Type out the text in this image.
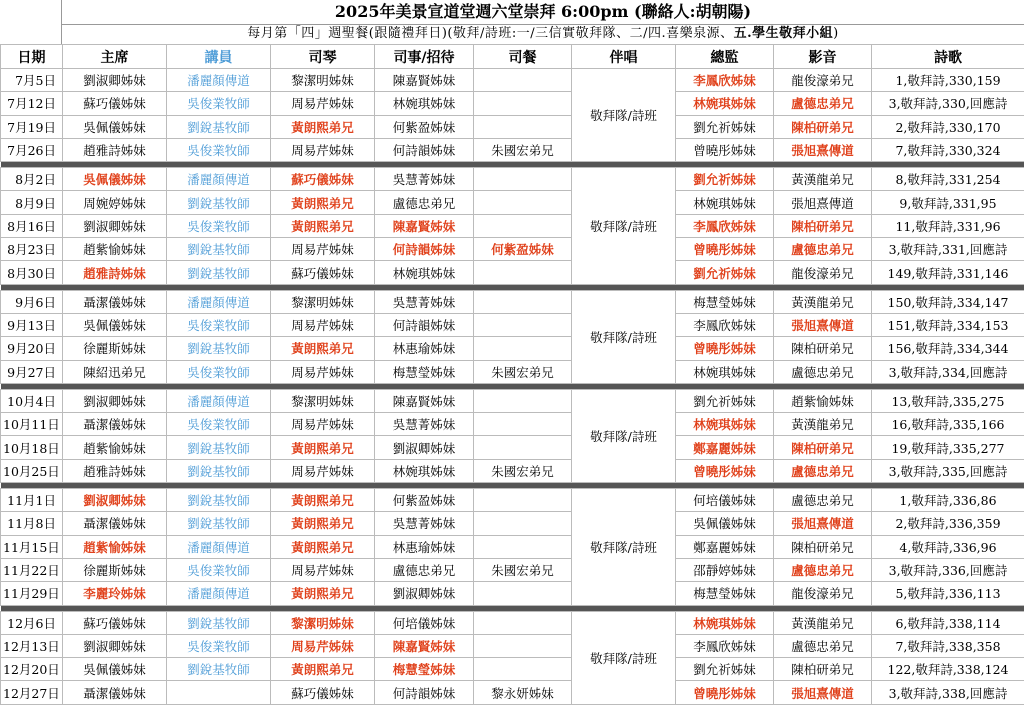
2025年美景宣道堂週六堂崇拜 6:00pm (聯絡人:胡朝陽)
每月第「四」週聖餐(跟隨禮拜日)(敬拜/詩班:一/三信實敬拜隊、二/四.喜樂泉源、五.學生敬拜小組)
日期	主席	講員	司琴	司事/招待	司餐	伴唱	總監	影音	詩歌
7月5日	劉淑卿姊妹	潘麗顏傳道	黎潔明姊妹	陳嘉賢姊妹		敬拜隊/詩班	李鳳欣姊妹	龍俊濠弟兄	1,敬拜詩,330,159
7月12日	蘇巧儀姊妹	吳俊業牧師	周易芹姊妹	林婉琪姊妹			林婉琪姊妹	盧德忠弟兄	3,敬拜詩,330,回應詩
7月19日	吳佩儀姊妹	劉銳基牧師	黃朗熙弟兄	何紫盈姊妹			劉允祈姊妹	陳柏研弟兄	2,敬拜詩,330,170
7月26日	趙雅詩姊妹	吳俊業牧師	周易芹姊妹	何詩韻姊妹	朱國宏弟兄		曾曉彤姊妹	張旭熹傳道	7,敬拜詩,330,324

8月2日	吳佩儀姊妹	潘麗顏傳道	蘇巧儀姊妹	吳慧菁姊妹		敬拜隊/詩班	劉允祈姊妹	黃漢龍弟兄	8,敬拜詩,331,254
8月9日	周婉婷姊妹	劉銳基牧師	黃朗熙弟兄	盧德忠弟兄			林婉琪姊妹	張旭熹傳道	9,敬拜詩,331,95
8月16日	劉淑卿姊妹	吳俊業牧師	黃朗熙弟兄	陳嘉賢姊妹			李鳳欣姊妹	陳柏研弟兄	11,敬拜詩,331,96
8月23日	趙紫愉姊妹	劉銳基牧師	周易芹姊妹	何詩韻姊妹	何紫盈姊妹		曾曉彤姊妹	盧德忠弟兄	3,敬拜詩,331,回應詩
8月30日	趙雅詩姊妹	劉銳基牧師	蘇巧儀姊妹	林婉琪姊妹			劉允祈姊妹	龍俊濠弟兄	149,敬拜詩,331,146

9月6日	聶潔儀姊妹	潘麗顏傳道	黎潔明姊妹	吳慧菁姊妹		敬拜隊/詩班	梅慧瑩姊妹	黃漢龍弟兄	150,敬拜詩,334,147
9月13日	吳佩儀姊妹	吳俊業牧師	周易芹姊妹	何詩韻姊妹			李鳳欣姊妹	張旭熹傳道	151,敬拜詩,334,153
9月20日	徐麗斯姊妹	劉銳基牧師	黃朗熙弟兄	林惠瑜姊妹			曾曉彤姊妹	陳柏研弟兄	156,敬拜詩,334,344
9月27日	陳紹迅弟兄	吳俊業牧師	周易芹姊妹	梅慧瑩姊妹	朱國宏弟兄		林婉琪姊妹	盧德忠弟兄	3,敬拜詩,334,回應詩

10月4日	劉淑卿姊妹	潘麗顏傳道	黎潔明姊妹	陳嘉賢姊妹		敬拜隊/詩班	劉允祈姊妹	趙紫愉姊妹	13,敬拜詩,335,275
10月11日	聶潔儀姊妹	吳俊業牧師	周易芹姊妹	吳慧菁姊妹			林婉琪姊妹	黃漢龍弟兄	16,敬拜詩,335,166
10月18日	趙紫愉姊妹	劉銳基牧師	黃朗熙弟兄	劉淑卿姊妹			鄭嘉麗姊妹	陳柏研弟兄	19,敬拜詩,335,277
10月25日	趙雅詩姊妹	劉銳基牧師	周易芹姊妹	林婉琪姊妹	朱國宏弟兄		曾曉彤姊妹	盧德忠弟兄	3,敬拜詩,335,回應詩

11月1日	劉淑卿姊妹	劉銳基牧師	黃朗熙弟兄	何紫盈姊妹		敬拜隊/詩班	何培儀姊妹	盧德忠弟兄	1,敬拜詩,336,86
11月8日	聶潔儀姊妹	劉銳基牧師	黃朗熙弟兄	吳慧菁姊妹			吳佩儀姊妹	張旭熹傳道	2,敬拜詩,336,359
11月15日	趙紫愉姊妹	潘麗顏傳道	黃朗熙弟兄	林惠瑜姊妹			鄭嘉麗姊妹	陳柏研弟兄	4,敬拜詩,336,96
11月22日	徐麗斯姊妹	吳俊業牧師	周易芹姊妹	盧德忠弟兄	朱國宏弟兄		邵靜婷姊妹	盧德忠弟兄	3,敬拜詩,336,回應詩
11月29日	李麗玲姊妹	潘麗顏傳道	黃朗熙弟兄	劉淑卿姊妹			梅慧瑩姊妹	龍俊濠弟兄	5,敬拜詩,336,113

12月6日	蘇巧儀姊妹	劉銳基牧師	黎潔明姊妹	何培儀姊妹		敬拜隊/詩班	林婉琪姊妹	黃漢龍弟兄	6,敬拜詩,338,114
12月13日	劉淑卿姊妹	吳俊業牧師	周易芹姊妹	陳嘉賢姊妹			李鳳欣姊妹	盧德忠弟兄	7,敬拜詩,338,358
12月20日	吳佩儀姊妹	劉銳基牧師	黃朗熙弟兄	梅慧瑩姊妹			劉允祈姊妹	陳柏研弟兄	122,敬拜詩,338,124
12月27日	聶潔儀姊妹		蘇巧儀姊妹	何詩韻姊妹	黎永妍姊妹		曾曉彤姊妹	張旭熹傳道	3,敬拜詩,338,回應詩
